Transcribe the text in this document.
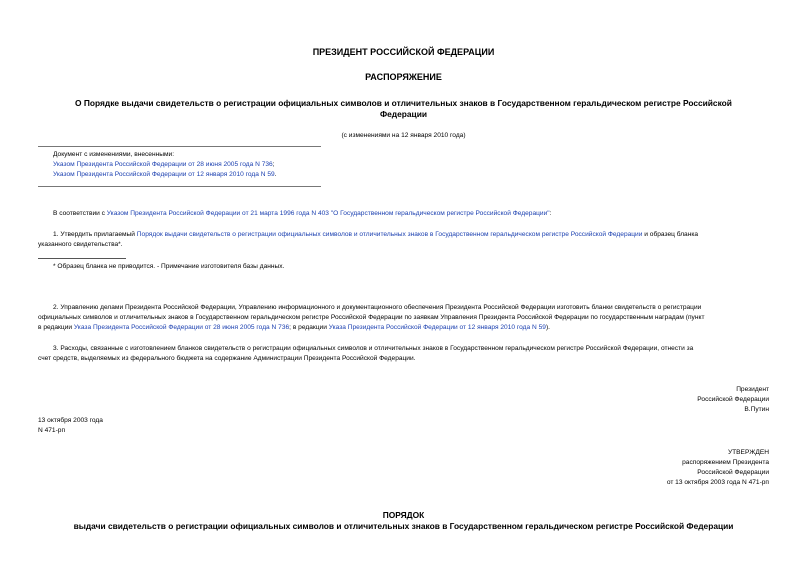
ПРЕЗИДЕНТ РОССИЙСКОЙ ФЕДЕРАЦИИ
РАСПОРЯЖЕНИЕ
О Порядке выдачи свидетельств о регистрации официальных символов и отличительных знаков в Государственном геральдическом регистре Российской
Федерации
(с изменениями на 12 января 2010 года)
Документ с изменениями, внесенными:
Указом Президента Российской Федерации от 28 июня 2005 года N 736;
Указом Президента Российской Федерации от 12 января 2010 года N 59.
В соответствии с Указом Президента Российской Федерации от 21 марта 1996 года N 403 "О Государственном геральдическом регистре Российской Федерации":
1. Утвердить прилагаемый Порядок выдачи свидетельств о регистрации официальных символов и отличительных знаков в Государственном геральдическом регистре Российской Федерации и образец бланка
указанного свидетельства*.
* Образец бланка не приводится. - Примечание изготовителя базы данных.
2. Управлению делами Президента Российской Федерации, Управлению информационного и документационного обеспечения Президента Российской Федерации изготовить бланки свидетельств о регистрации
официальных символов и отличительных знаков в Государственном геральдическом регистре Российской Федерации по заявкам Управления Президента Российской Федерации по государственным наградам (пункт
в редакции Указа Президента Российской Федерации от 28 июня 2005 года N 736; в редакции Указа Президента Российской Федерации от 12 января 2010 года N 59).
3. Расходы, связанные с изготовлением бланков свидетельств о регистрации официальных символов и отличительных знаков в Государственном геральдическом регистре Российской Федерации, отнести за
счет средств, выделяемых из федерального бюджета на содержание Администрации Президента Российской Федерации.
Президент
Российской Федерации
В.Путин
13 октября 2003 года
N 471-рп
УТВЕРЖДЕН
распоряжением Президента
Российской Федерации
от 13 октября 2003 года N 471-рп
ПОРЯДОК
выдачи свидетельств о регистрации официальных символов и отличительных знаков в Государственном геральдическом регистре Российской Федерации
